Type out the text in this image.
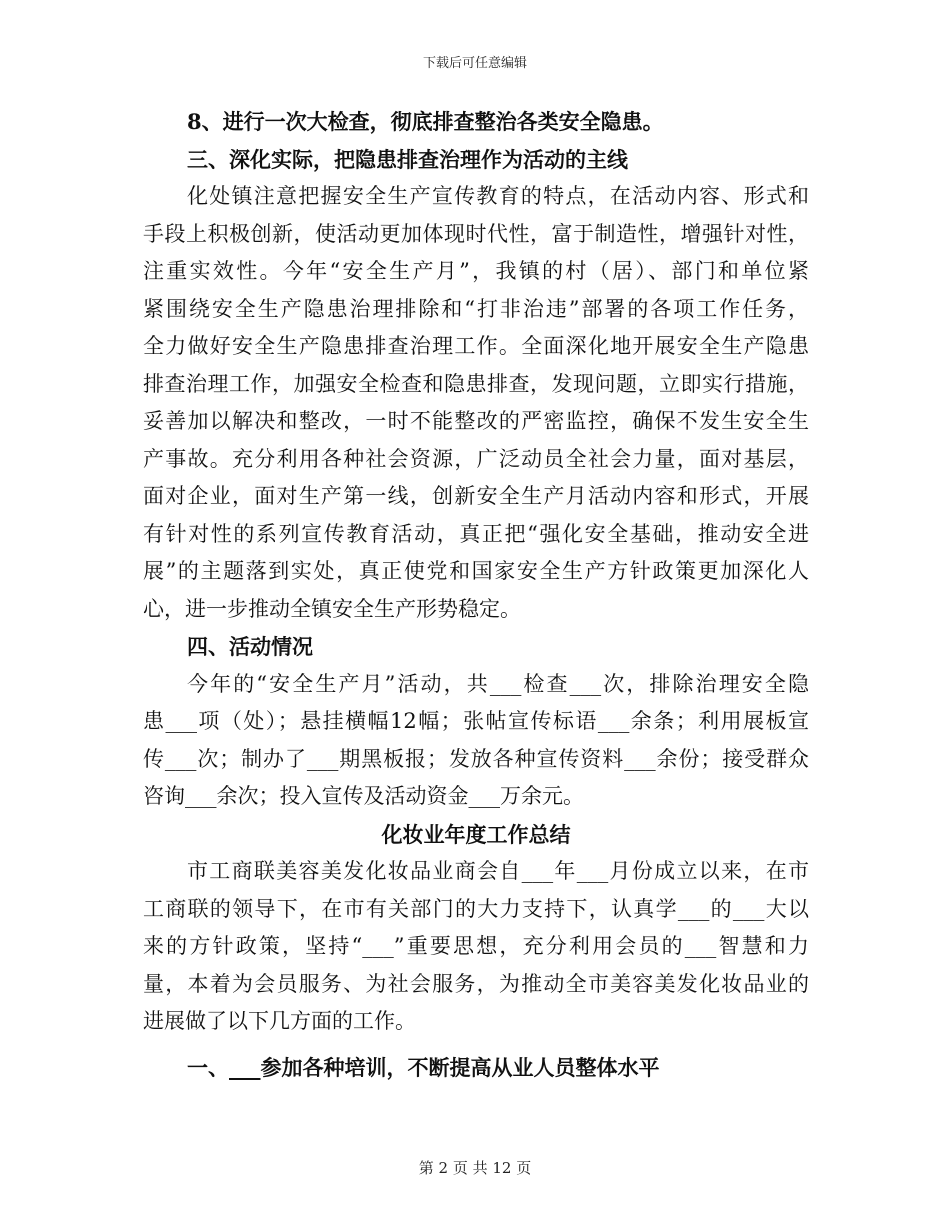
下载后可任意编辑
8、进行一次大检查，彻底排查整治各类安全隐患。
三、深化实际，把隐患排查治理作为活动的主线
化处镇注意把握安全生产宣传教育的特点，在活动内容、形式和
手段上积极创新，使活动更加体现时代性，富于制造性，增强针对性，
注重实效性。今年“安全生产月”，我镇的村（居）、部门和单位紧
紧围绕安全生产隐患治理排除和“打非治违”部署的各项工作任务，
全力做好安全生产隐患排查治理工作。全面深化地开展安全生产隐患
排查治理工作，加强安全检查和隐患排查，发现问题，立即实行措施，
妥善加以解决和整改，一时不能整改的严密监控，确保不发生安全生
产事故。充分利用各种社会资源，广泛动员全社会力量，面对基层，
面对企业，面对生产第一线，创新安全生产月活动内容和形式，开展
有针对性的系列宣传教育活动，真正把“强化安全基础，推动安全进
展”的主题落到实处，真正使党和国家安全生产方针政策更加深化人
心，进一步推动全镇安全生产形势稳定。
四、活动情况
今年的“安全生产月”活动，共___检查___次，排除治理安全隐
患___项（处）；悬挂横幅12幅；张帖宣传标语___余条；利用展板宣
传___次；制办了___期黑板报；发放各种宣传资料___余份；接受群众
咨询___余次；投入宣传及活动资金___万余元。
化妆业年度工作总结
市工商联美容美发化妆品业商会自___年___月份成立以来，在市
工商联的领导下，在市有关部门的大力支持下，认真学___的___大以
来的方针政策，坚持“___”重要思想，充分利用会员的___智慧和力
量，本着为会员服务、为社会服务，为推动全市美容美发化妆品业的
进展做了以下几方面的工作。
一、___参加各种培训，不断提高从业人员整体水平
第 2 页 共 12 页
